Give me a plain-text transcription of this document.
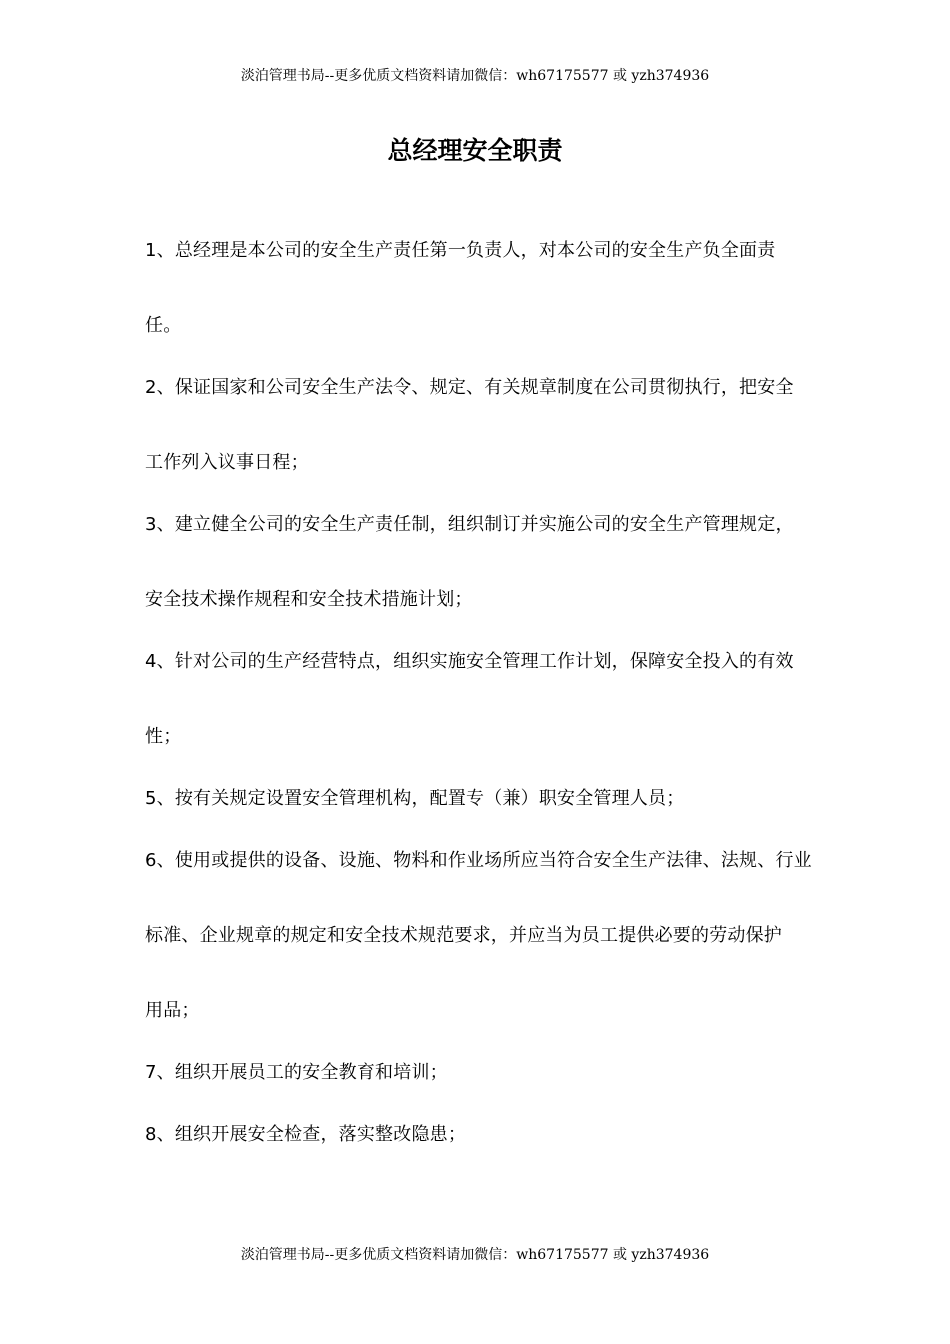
淡泊管理书局--更多优质文档资料请加微信：wh67175577 或 yzh374936
总经理安全职责
1、总经理是本公司的安全生产责任第一负责人，对本公司的安全生产负全面责
任。
2、保证国家和公司安全生产法令、规定、有关规章制度在公司贯彻执行，把安全
工作列入议事日程；
3、建立健全公司的安全生产责任制，组织制订并实施公司的安全生产管理规定，
安全技术操作规程和安全技术措施计划；
4、针对公司的生产经营特点，组织实施安全管理工作计划，保障安全投入的有效
性；
5、按有关规定设置安全管理机构，配置专（兼）职安全管理人员；
6、使用或提供的设备、设施、物料和作业场所应当符合安全生产法律、法规、行业
标准、企业规章的规定和安全技术规范要求，并应当为员工提供必要的劳动保护
用品；
7、组织开展员工的安全教育和培训；
8、组织开展安全检查，落实整改隐患；
淡泊管理书局--更多优质文档资料请加微信：wh67175577 或 yzh374936
